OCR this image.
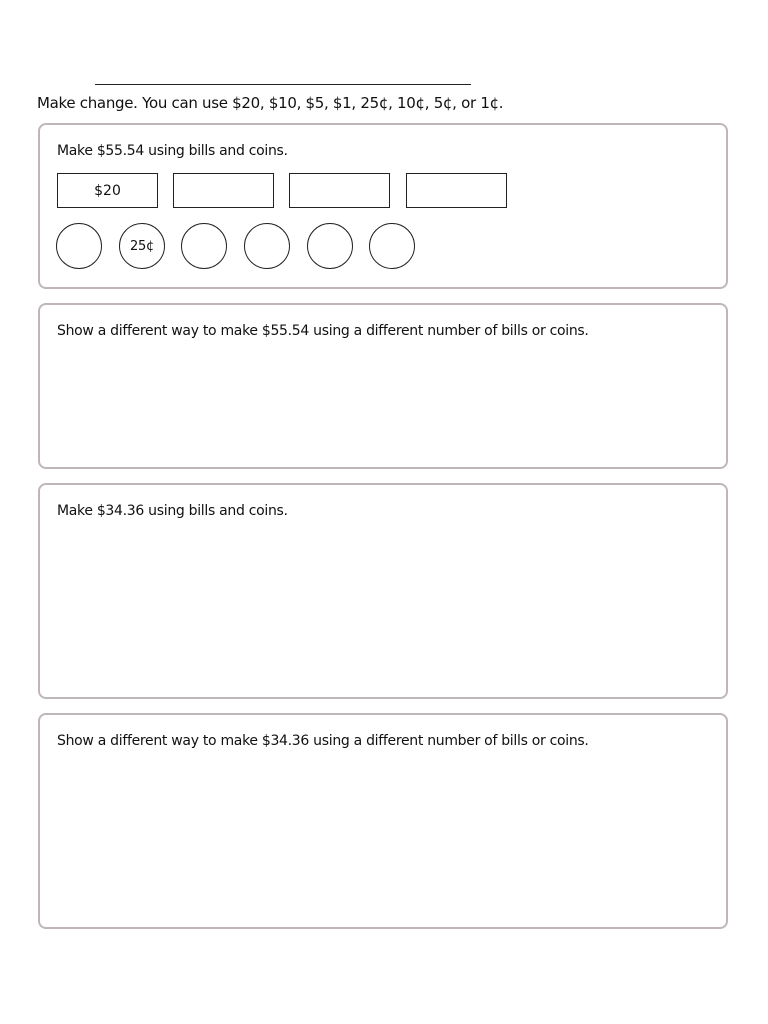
Make change. You can use $20, $10, $5, $1, 25¢, 10¢, 5¢, or 1¢.
Make $55.54 using bills and coins.
$20
25¢
Show a different way to make $55.54 using a different number of bills or coins.
Make $34.36 using bills and coins.
Show a different way to make $34.36 using a different number of bills or coins.
